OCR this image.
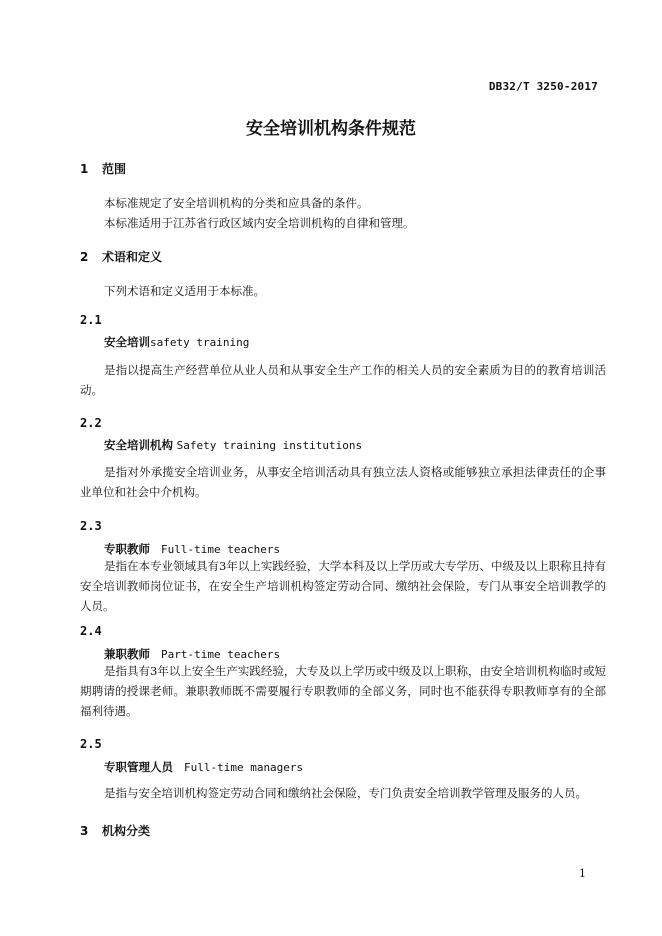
DB32/T 3250-2017
安全培训机构条件规范

1 范围

本标准规定了安全培训机构的分类和应具备的条件。

本标准适用于江苏省行政区域内安全培训机构的自律和管理。

2 术语和定义

下列术语和定义适用于本标准。

2.1

安全培训safety training

是指以提高生产经营单位从业人员和从事安全生产工作的相关人员的安全素质为目的的教育培训活动。

2.2

安全培训机构 Safety training institutions

是指对外承揽安全培训业务，从事安全培训活动具有独立法人资格或能够独立承担法律责任的企事业单位和社会中介机构。

2.3

专职教师 Full-time teachers

是指在本专业领域具有3年以上实践经验，大学本科及以上学历或大专学历、中级及以上职称且持有安全培训教师岗位证书，在安全生产培训机构签定劳动合同、缴纳社会保险，专门从事安全培训教学的人员。

2.4

兼职教师 Part-time teachers

是指具有3年以上安全生产实践经验，大专及以上学历或中级及以上职称，由安全培训机构临时或短期聘请的授课老师。兼职教师既不需要履行专职教师的全部义务，同时也不能获得专职教师享有的全部福利待遇。

2.5

专职管理人员 Full-time managers

是指与安全培训机构签定劳动合同和缴纳社会保险，专门负责安全培训教学管理及服务的人员。

3 机构分类

1
